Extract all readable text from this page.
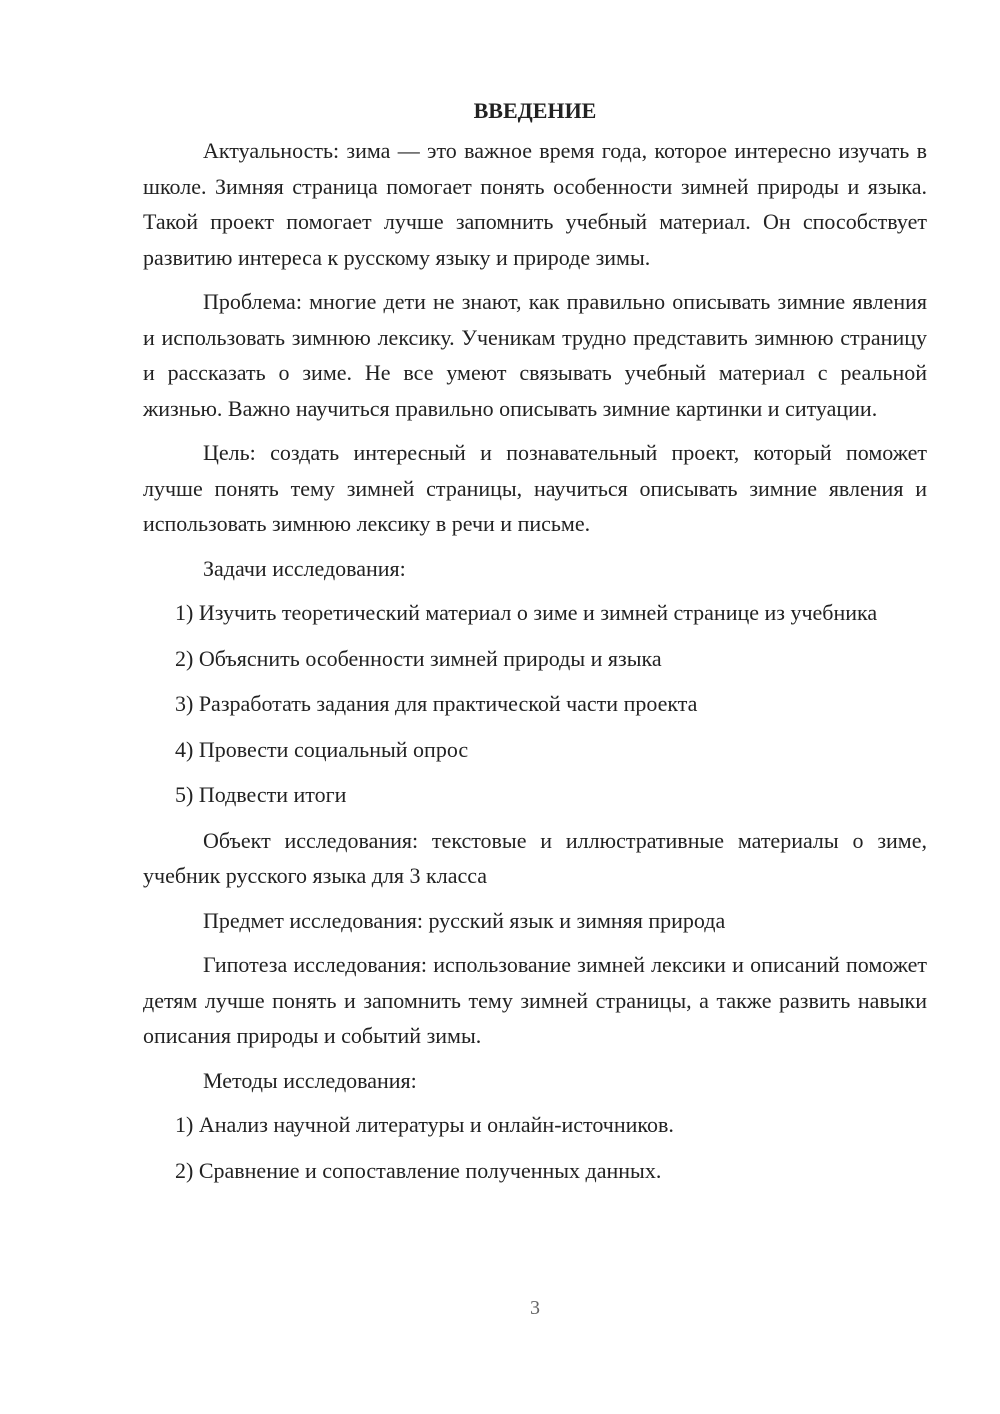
ВВЕДЕНИЕ

Актуальность: зима — это важное время года, которое интересно изучать в школе. Зимняя страница помогает понять особенности зимней природы и языка. Такой проект помогает лучше запомнить учебный материал. Он способствует развитию интереса к русскому языку и природе зимы.

Проблема: многие дети не знают, как правильно описывать зимние явления и использовать зимнюю лексику. Ученикам трудно представить зимнюю страницу и рассказать о зиме. Не все умеют связывать учебный материал с реальной жизнью. Важно научиться правильно описывать зимние картинки и ситуации.

Цель: создать интересный и познавательный проект, который поможет лучше понять тему зимней страницы, научиться описывать зимние явления и использовать зимнюю лексику в речи и письме.

Задачи исследования:

1) Изучить теоретический материал о зиме и зимней странице из учебника

2) Объяснить особенности зимней природы и языка

3) Разработать задания для практической части проекта

4) Провести социальный опрос

5) Подвести итоги

Объект исследования: текстовые и иллюстративные материалы о зиме, учебник русского языка для 3 класса

Предмет исследования: русский язык и зимняя природа

Гипотеза исследования: использование зимней лексики и описаний поможет детям лучше понять и запомнить тему зимней страницы, а также развить навыки описания природы и событий зимы.

Методы исследования:

1) Анализ научной литературы и онлайн-источников.

2) Сравнение и сопоставление полученных данных.

3
